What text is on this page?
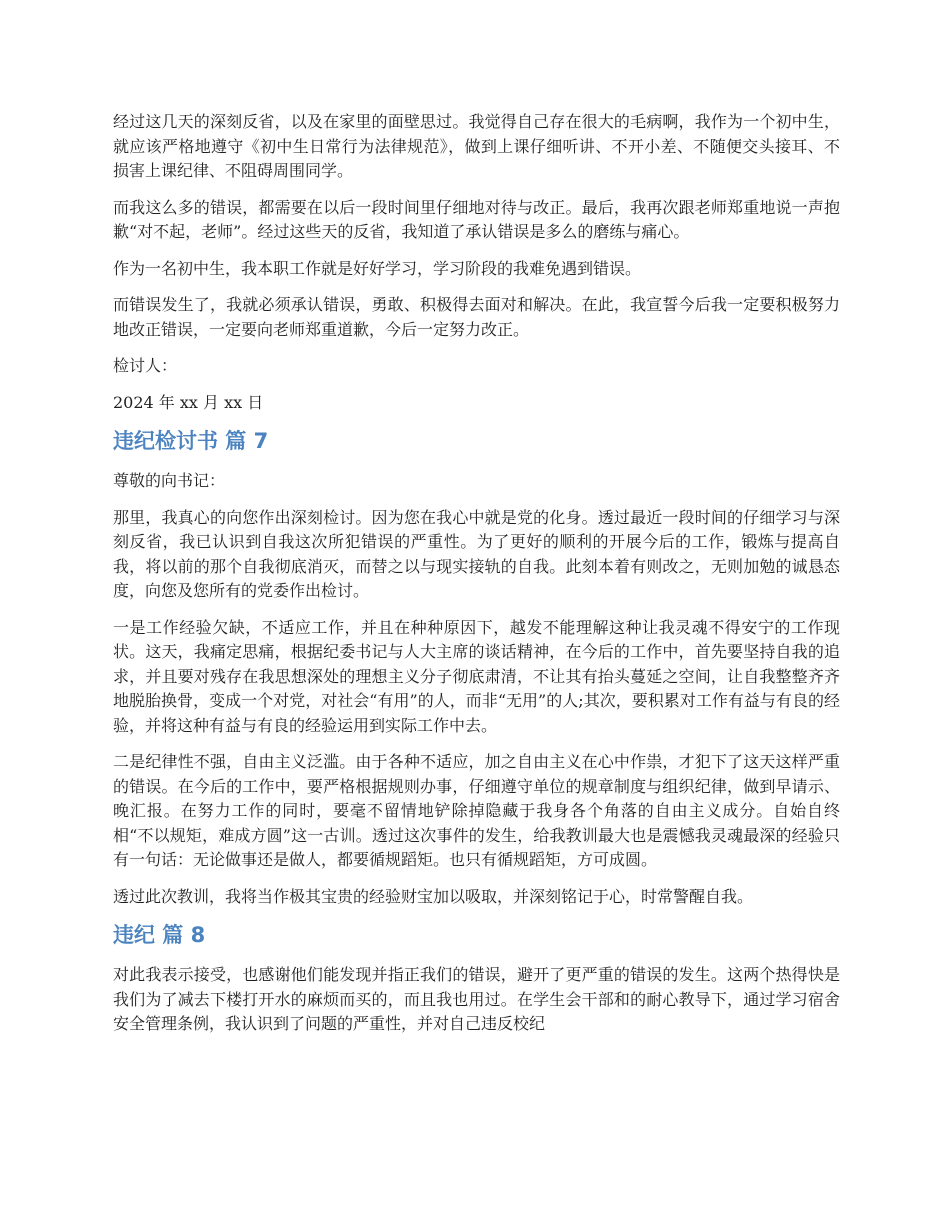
经过这几天的深刻反省，以及在家里的面壁思过。我觉得自己存在很大的毛病啊，我作为一个初中生，就应该严格地遵守《初中生日常行为法律规范》，做到上课仔细听讲、不开小差、不随便交头接耳、不损害上课纪律、不阻碍周围同学。

而我这么多的错误，都需要在以后一段时间里仔细地对待与改正。最后，我再次跟老师郑重地说一声抱歉“对不起，老师”。经过这些天的反省，我知道了承认错误是多么的磨练与痛心。

作为一名初中生，我本职工作就是好好学习，学习阶段的我难免遇到错误。

而错误发生了，我就必须承认错误，勇敢、积极得去面对和解决。在此，我宣誓今后我一定要积极努力地改正错误，一定要向老师郑重道歉，今后一定努力改正。

检讨人：

2024 年 xx 月 xx 日

违纪检讨书 篇 7

尊敬的向书记：

那里，我真心的向您作出深刻检讨。因为您在我心中就是党的化身。透过最近一段时间的仔细学习与深刻反省，我已认识到自我这次所犯错误的严重性。为了更好的顺利的开展今后的工作，锻炼与提高自我，将以前的那个自我彻底消灭，而替之以与现实接轨的自我。此刻本着有则改之，无则加勉的诚恳态度，向您及您所有的党委作出检讨。

一是工作经验欠缺，不适应工作，并且在种种原因下，越发不能理解这种让我灵魂不得安宁的工作现状。这天，我痛定思痛，根据纪委书记与人大主席的谈话精神，在今后的工作中，首先要坚持自我的追求，并且要对残存在我思想深处的理想主义分子彻底肃清，不让其有抬头蔓延之空间，让自我整整齐齐地脱胎换骨，变成一个对党，对社会“有用”的人，而非“无用”的人;其次，要积累对工作有益与有良的经验，并将这种有益与有良的经验运用到实际工作中去。

二是纪律性不强，自由主义泛滥。由于各种不适应，加之自由主义在心中作祟，才犯下了这天这样严重的错误。在今后的工作中，要严格根据规则办事，仔细遵守单位的规章制度与组织纪律，做到早请示、晚汇报。在努力工作的同时，要毫不留情地铲除掉隐藏于我身各个角落的自由主义成分。自始自终相“不以规矩，难成方圆”这一古训。透过这次事件的发生，给我教训最大也是震憾我灵魂最深的经验只有一句话：无论做事还是做人，都要循规蹈矩。也只有循规蹈矩，方可成圆。

透过此次教训，我将当作极其宝贵的经验财宝加以吸取，并深刻铭记于心，时常警醒自我。

违纪 篇 8

对此我表示接受，也感谢他们能发现并指正我们的错误，避开了更严重的错误的发生。这两个热得快是我们为了减去下楼打开水的麻烦而买的，而且我也用过。在学生会干部和的耐心教导下，通过学习宿舍安全管理条例，我认识到了问题的严重性，并对自己违反校纪
